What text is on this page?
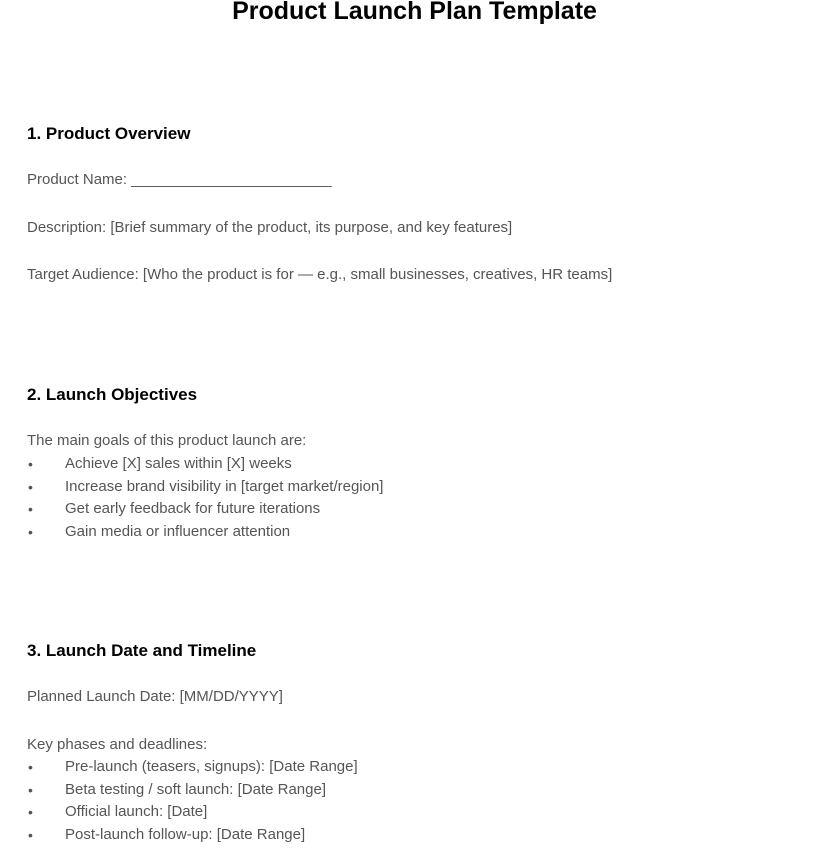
Product Launch Plan Template
1. Product Overview

Product Name: ________________________

Description: [Brief summary of the product, its purpose, and key features]

Target Audience: [Who the product is for — e.g., small businesses, creatives, HR teams]

2. Launch Objectives

The main goals of this product launch are:

• Achieve [X] sales within [X] weeks
• Increase brand visibility in [target market/region]
• Get early feedback for future iterations
• Gain media or influencer attention
3. Launch Date and Timeline

Planned Launch Date: [MM/DD/YYYY]

Key phases and deadlines:

• Pre-launch (teasers, signups): [Date Range]
• Beta testing / soft launch: [Date Range]
• Official launch: [Date]
• Post-launch follow-up: [Date Range]
